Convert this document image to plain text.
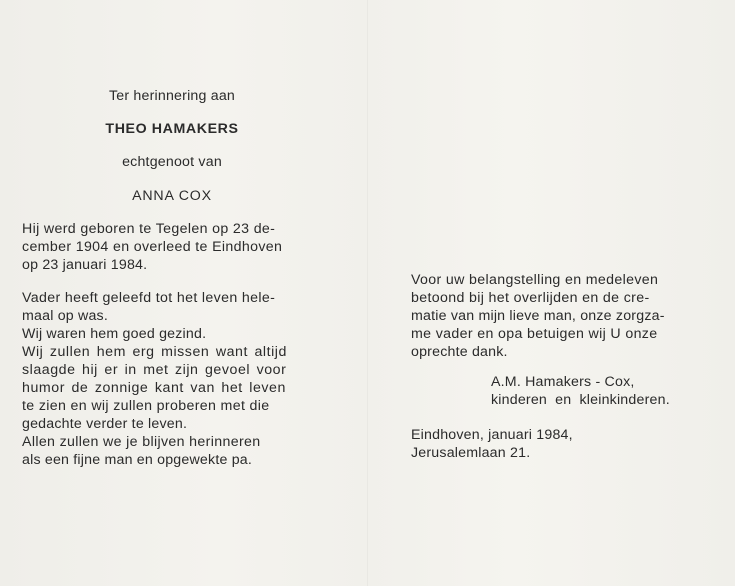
Ter herinnering aan
THEO HAMAKERS
echtgenoot van
ANNA COX

Hij werd geboren te Tegelen op 23 de-
cember 1904 en overleed te Eindhoven
op 23 januari 1984.

Vader heeft geleefd tot het leven hele-
maal op was.
Wij waren hem goed gezind.
Wij zullen hem erg missen want altijd
slaagde hij er in met zijn gevoel voor
humor de zonnige kant van het leven
te zien en wij zullen proberen met die
gedachte verder te leven.
Allen zullen we je blijven herinneren
als een fijne man en opgewekte pa.

Voor uw belangstelling en medeleven
betoond bij het overlijden en de cre-
matie van mijn lieve man, onze zorgza-
me vader en opa betuigen wij U onze
oprechte dank.

A.M. Hamakers - Cox,
kinderen en kleinkinderen.

Eindhoven, januari 1984,
Jerusalemlaan 21.
